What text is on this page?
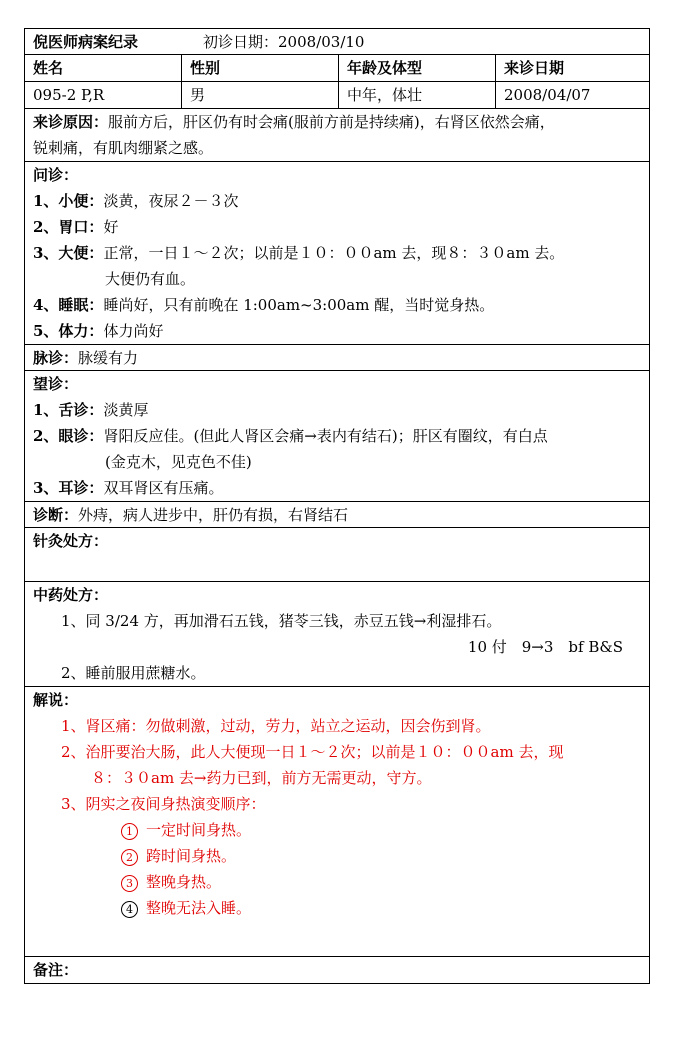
倪医师病案纪录	初诊日期：2008/03/10
姓名	性别	年龄及体型	来诊日期
095-2 P,R	男	中年，体壮	2008/04/07
来诊原因：服前方后，肝区仍有时会痛(服前方前是持续痛)，右肾区依然会痛，
锐刺痛，有肌肉绷紧之感。
问诊：
1、小便：淡黄，夜尿２－３次
2、胃口：好
3、大便：正常，一日１～２次；以前是１０：００am 去，现８：３０am 去。
大便仍有血。
4、睡眠：睡尚好，只有前晚在 1:00am~3:00am 醒，当时觉身热。
5、体力：体力尚好
脉诊：脉缓有力
望诊：
1、舌诊：淡黄厚
2、眼诊：肾阳反应佳。(但此人肾区会痛→表内有结石)；肝区有圈纹，有白点
(金克木，见克色不佳)
3、耳诊：双耳肾区有压痛。
诊断：外痔，病人进步中，肝仍有损，右肾结石
针灸处方：
中药处方：
1、同 3/24 方，再加滑石五钱，猪苓三钱，赤豆五钱→利湿排石。
10 付　9→3　bf B&S
2、睡前服用蔗糖水。
解说：
1、肾区痛：勿做刺激，过动，劳力，站立之运动，因会伤到肾。
2、治肝要治大肠，此人大便现一日１～２次；以前是１０：００am 去，现
８：３０am 去→药力已到，前方无需更动，守方。
3、阴实之夜间身热演变顺序：
1 一定时间身热。
2 跨时间身热。
3 整晚身热。
4 整晚无法入睡。
备注：
